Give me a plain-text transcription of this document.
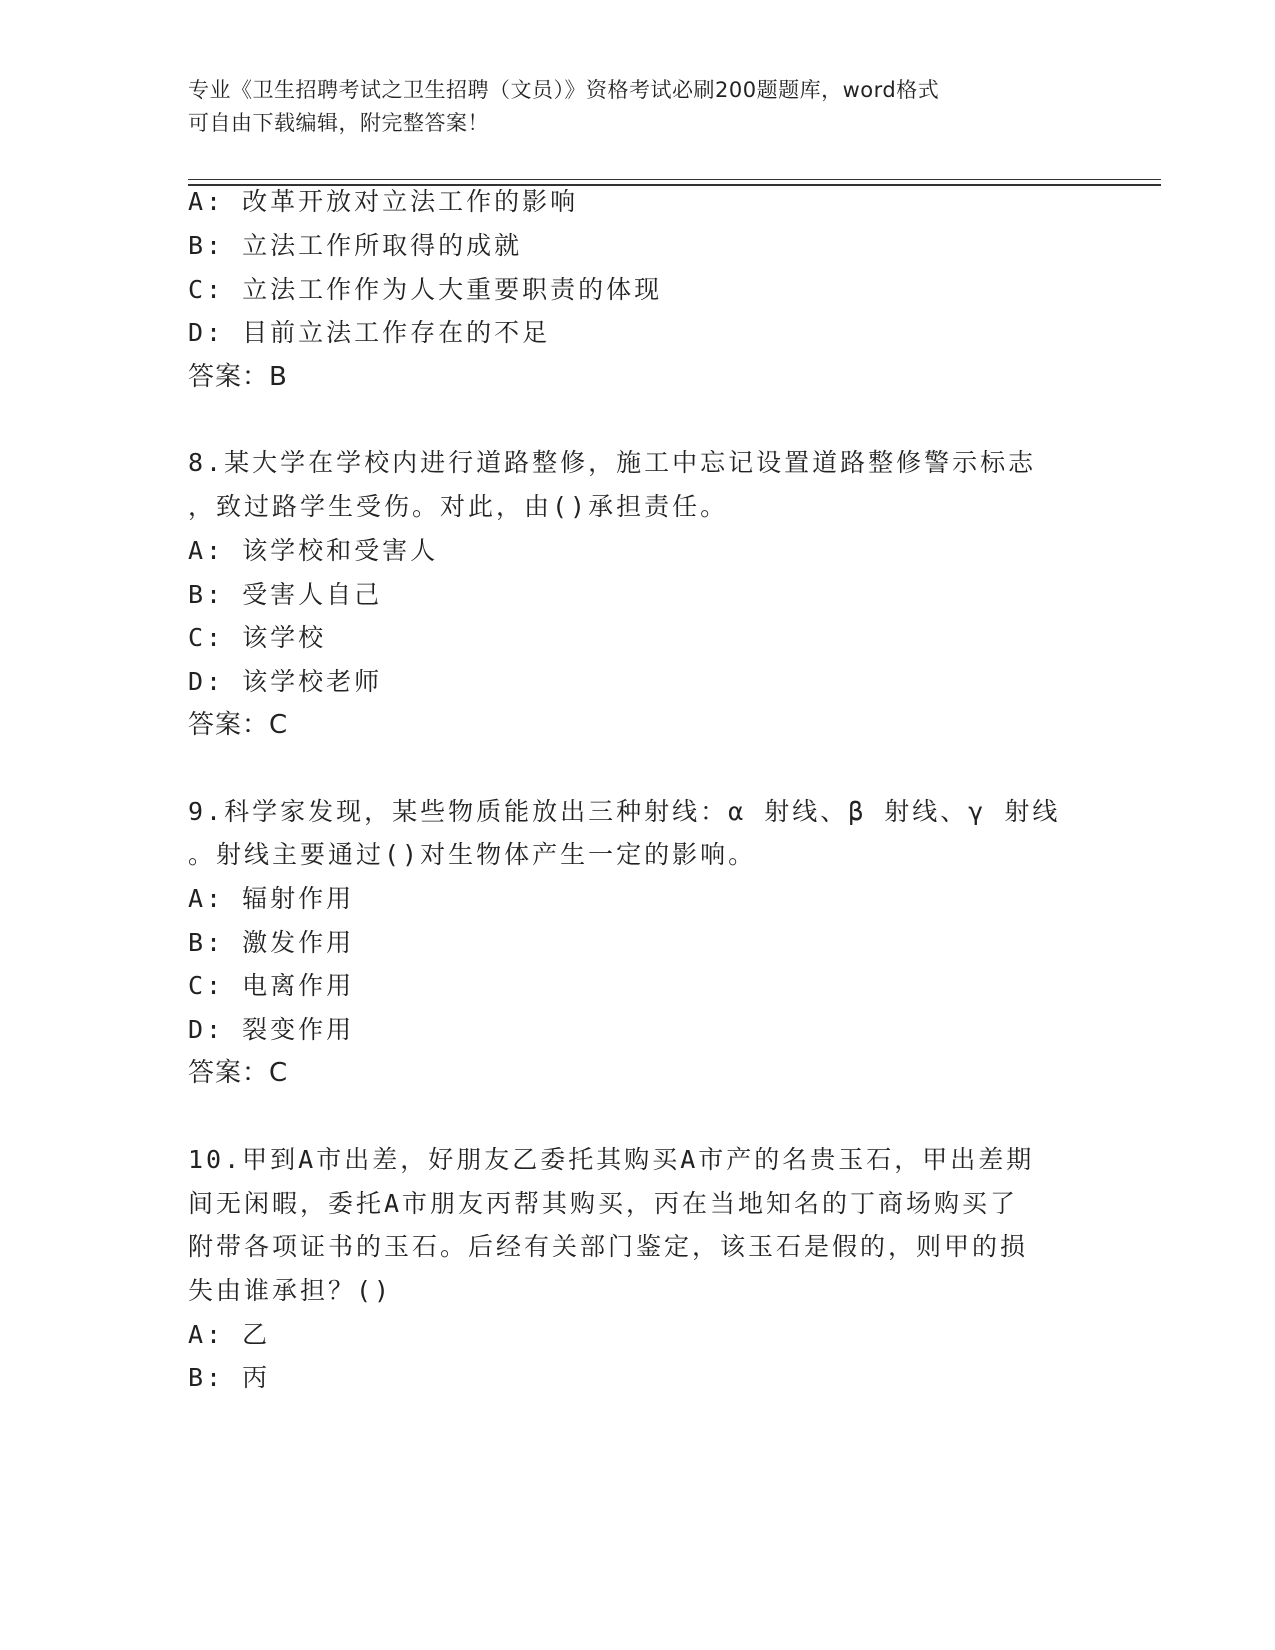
专业《卫生招聘考试之卫生招聘（文员）》资格考试必刷200题题库，word格式
可自由下载编辑，附完整答案！
A: 改革开放对立法工作的影响
B: 立法工作所取得的成就
C: 立法工作作为人大重要职责的体现
D: 目前立法工作存在的不足
答案：B
8.某大学在学校内进行道路整修，施工中忘记设置道路整修警示标志
，致过路学生受伤。对此，由()承担责任。
A: 该学校和受害人
B: 受害人自己
C: 该学校
D: 该学校老师
答案：C
9.科学家发现，某些物质能放出三种射线：α 射线、β 射线、γ 射线
。射线主要通过()对生物体产生一定的影响。
A: 辐射作用
B: 激发作用
C: 电离作用
D: 裂变作用
答案：C
10.甲到A市出差，好朋友乙委托其购买A市产的名贵玉石，甲出差期
间无闲暇，委托A市朋友丙帮其购买，丙在当地知名的丁商场购买了
附带各项证书的玉石。后经有关部门鉴定，该玉石是假的，则甲的损
失由谁承担？()
A: 乙
B: 丙
